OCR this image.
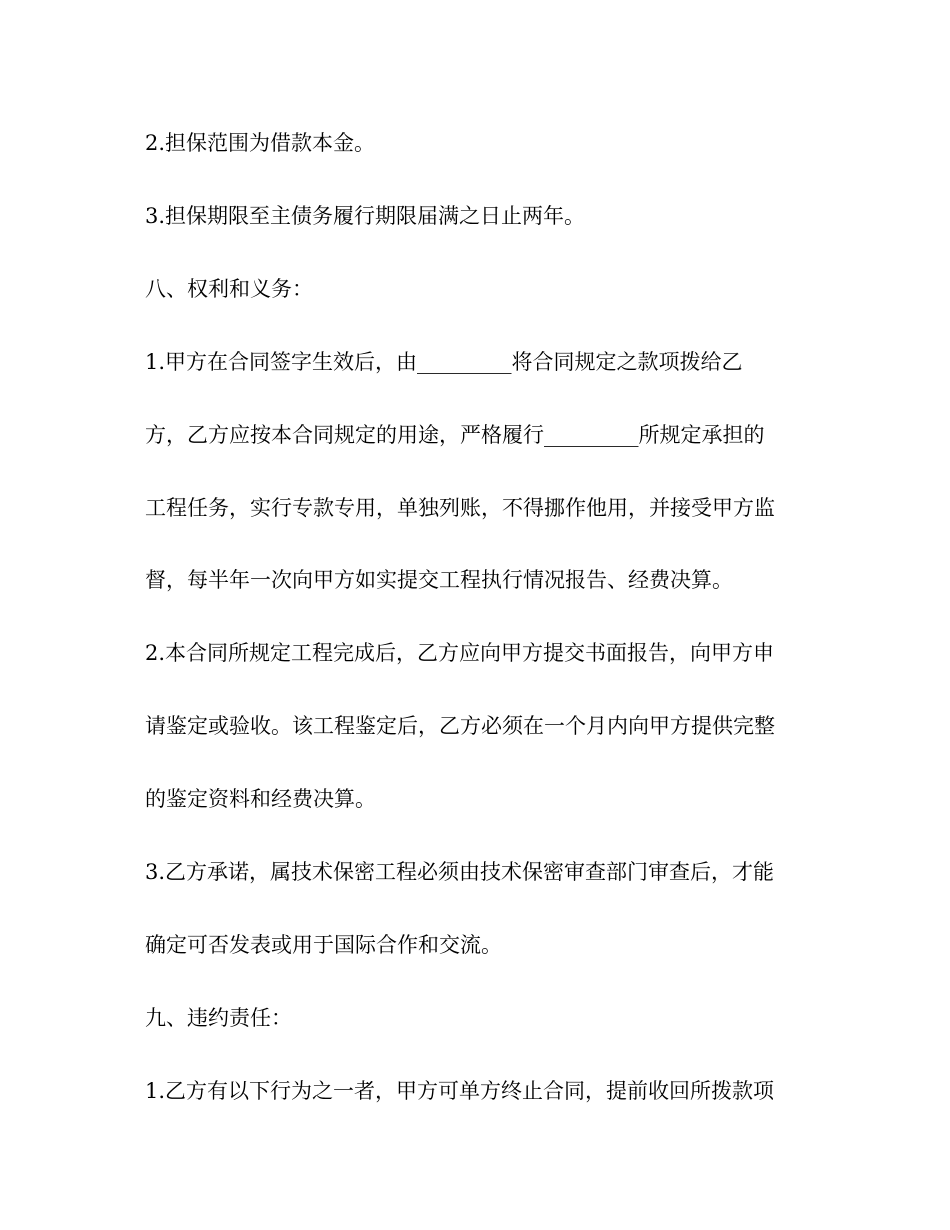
2.担保范围为借款本金。

3.担保期限至主债务履行期限届满之日止两年。

八、权利和义务：

1.甲方在合同签字生效后，由_________将合同规定之款项拨给乙

方，乙方应按本合同规定的用途，严格履行_________所规定承担的

工程任务，实行专款专用，单独列账，不得挪作他用，并接受甲方监

督，每半年一次向甲方如实提交工程执行情况报告、经费决算。

2.本合同所规定工程完成后，乙方应向甲方提交书面报告，向甲方申

请鉴定或验收。该工程鉴定后，乙方必须在一个月内向甲方提供完整

的鉴定资料和经费决算。

3.乙方承诺，属技术保密工程必须由技术保密审查部门审查后，才能

确定可否发表或用于国际合作和交流。

九、违约责任：

1.乙方有以下行为之一者，甲方可单方终止合同，提前收回所拨款项
